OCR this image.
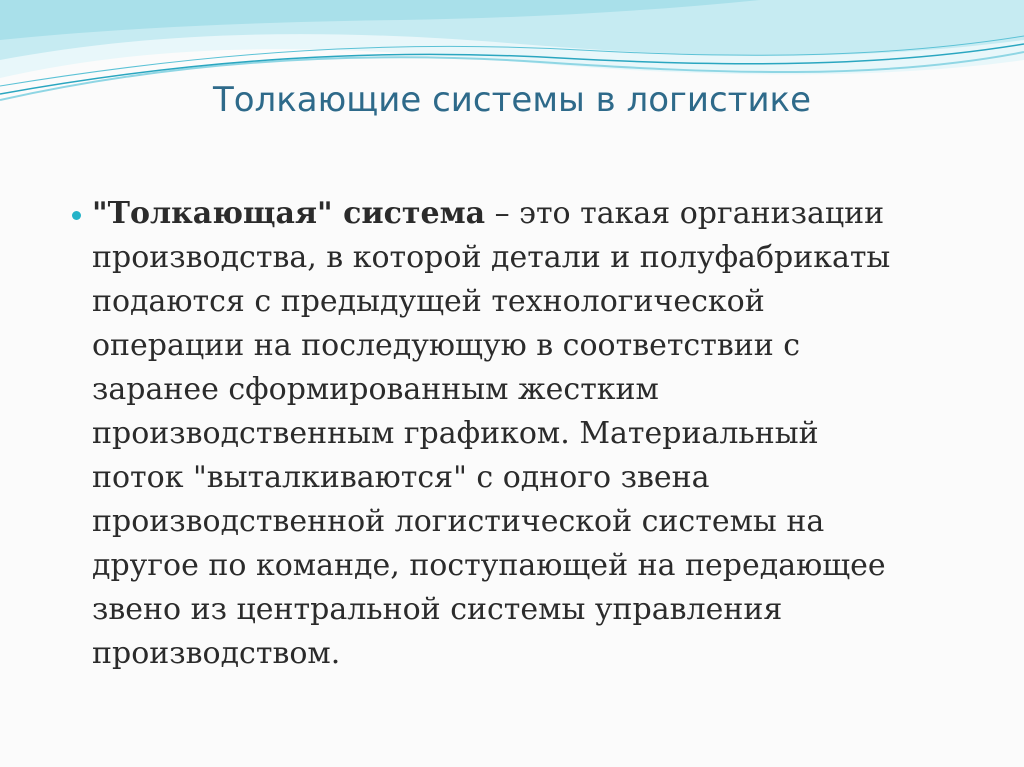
Толкающие системы в логистике

"Толкающая" система – это такая организации
производства, в которой детали и полуфабрикаты
подаются с предыдущей технологической
операции на последующую в соответствии с
заранее сформированным жестким
производственным графиком. Материальный
поток "выталкиваются" с одного звена
производственной логистической системы на
другое по команде, поступающей на передающее
звено из центральной системы управления
производством.
